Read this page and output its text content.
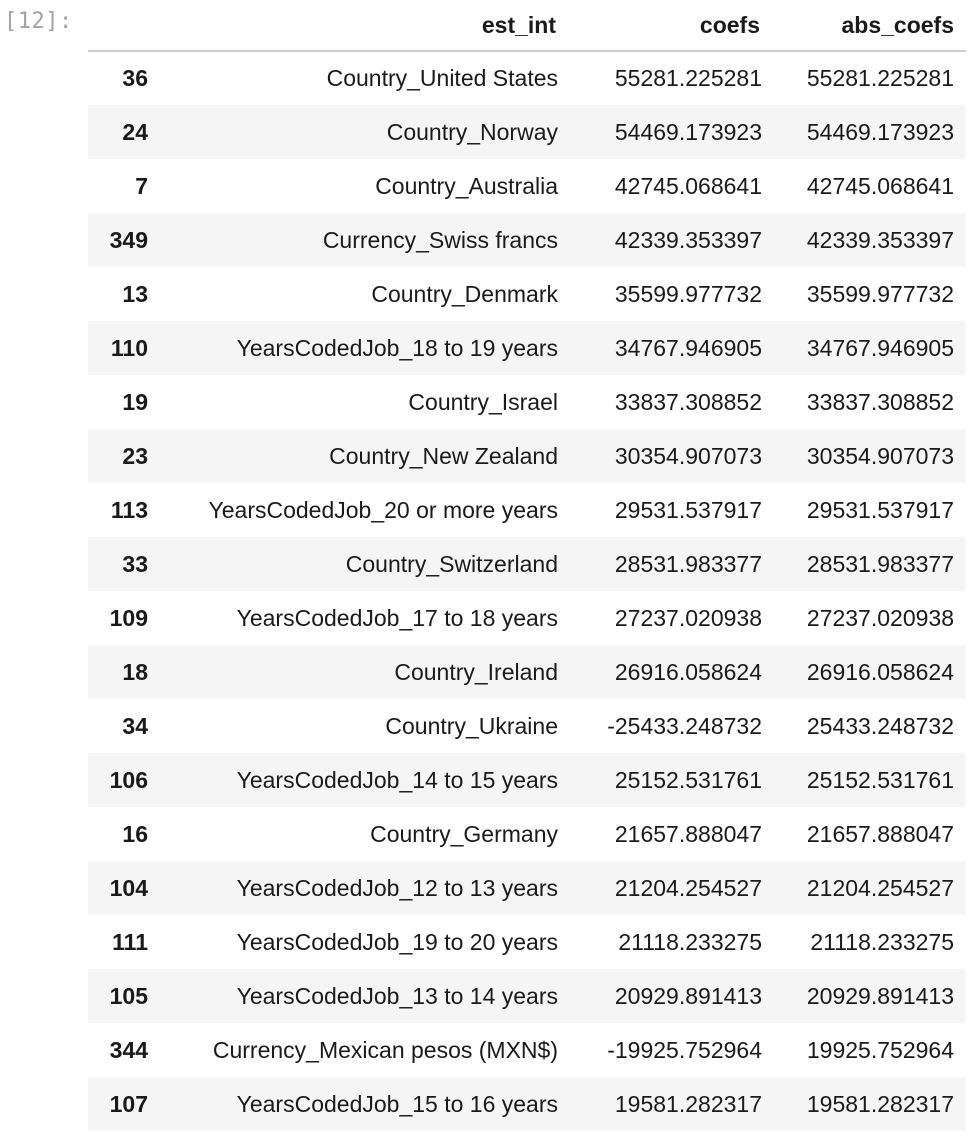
[12]:
		est_int	coefs	abs_coefs
36	Country_United States	55281.225281	55281.225281
24	Country_Norway	54469.173923	54469.173923
7	Country_Australia	42745.068641	42745.068641
349	Currency_Swiss francs	42339.353397	42339.353397
13	Country_Denmark	35599.977732	35599.977732
110	YearsCodedJob_18 to 19 years	34767.946905	34767.946905
19	Country_Israel	33837.308852	33837.308852
23	Country_New Zealand	30354.907073	30354.907073
113	YearsCodedJob_20 or more years	29531.537917	29531.537917
33	Country_Switzerland	28531.983377	28531.983377
109	YearsCodedJob_17 to 18 years	27237.020938	27237.020938
18	Country_Ireland	26916.058624	26916.058624
34	Country_Ukraine	-25433.248732	25433.248732
106	YearsCodedJob_14 to 15 years	25152.531761	25152.531761
16	Country_Germany	21657.888047	21657.888047
104	YearsCodedJob_12 to 13 years	21204.254527	21204.254527
111	YearsCodedJob_19 to 20 years	21118.233275	21118.233275
105	YearsCodedJob_13 to 14 years	20929.891413	20929.891413
344	Currency_Mexican pesos (MXN$)	-19925.752964	19925.752964
107	YearsCodedJob_15 to 16 years	19581.282317	19581.282317
